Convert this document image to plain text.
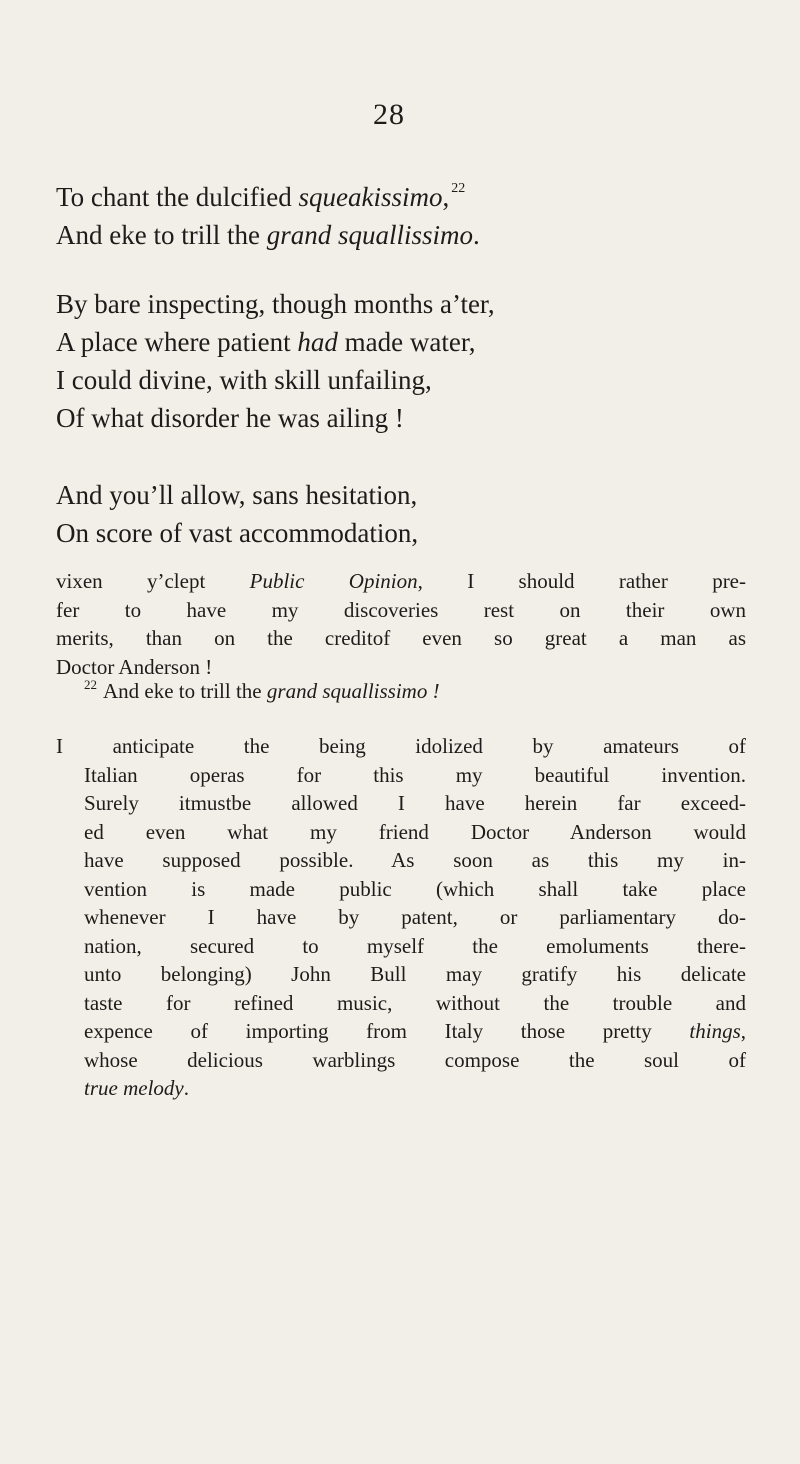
28

To chant the dulcified squeakissimo, $^{22}$
And eke to trill the grand squallissimo.

By bare inspecting, though months a’ter,
A place where patient had made water,
I could divine, with skill unfailing,
Of what disorder he was ailing !

And you’ll allow, sans hesitation,
On score of vast accommodation,

vixen y’clept Public Opinion, I should rather pre-
fer to have my discoveries rest on their own
merits, than on the creditof even so great a man as
Doctor Anderson !

$^{22}$ And eke to trill the grand squallissimo !

I anticipate the being idolized by amateurs of
Italian operas for this my beautiful invention.
Surely itmustbe allowed I have herein far exceed-
ed even what my friend Doctor Anderson would
have supposed possible. As soon as this my in-
vention is made public (which shall take place
whenever I have by patent, or parliamentary do-
nation, secured to myself the emoluments there-
unto belonging) John Bull may gratify his delicate
taste for refined music, without the trouble and
expence of importing from Italy those pretty things,
whose delicious warblings compose the soul of
true melody.
